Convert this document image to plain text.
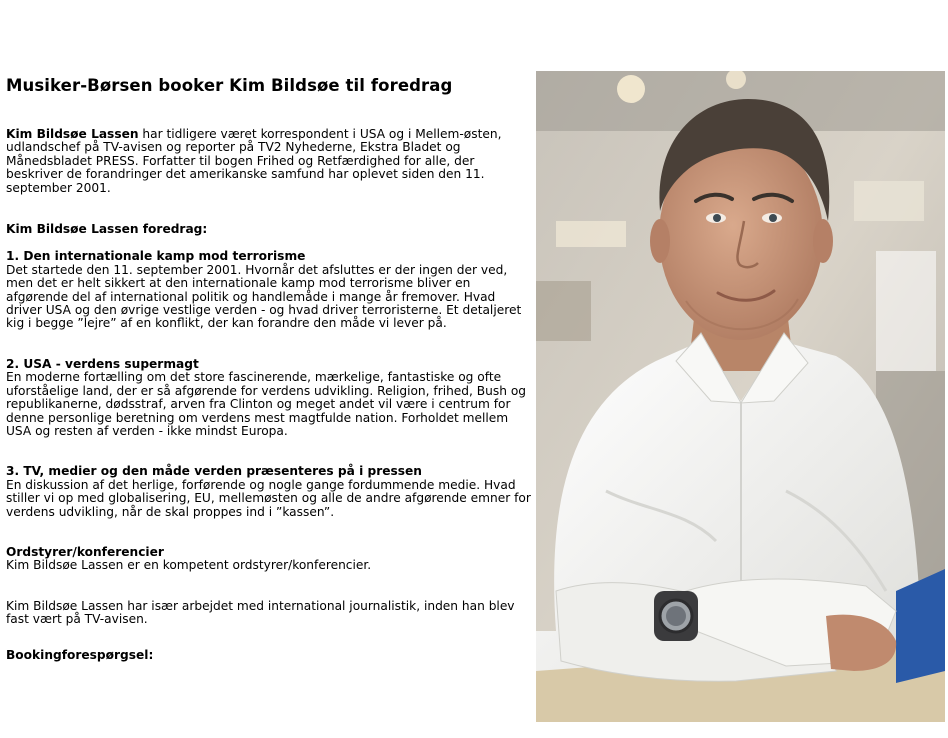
Musiker-Børsen booker Kim Bildsøe til foredrag

Kim Bildsøe Lassen har tidligere været korrespondent i USA og i Mellem-østen, udlandschef på TV-avisen og reporter på TV2 Nyhederne, Ekstra Bladet og Månedsbladet PRESS. Forfatter til bogen Frihed og Retfærdighed for alle, der beskriver de forandringer det amerikanske samfund har oplevet siden den 11. september 2001.

Kim Bildsøe Lassen foredrag:

1. Den internationale kamp mod terrorisme

Det startede den 11. september 2001. Hvornår det afsluttes er der ingen der ved, men det er helt sikkert at den internationale kamp mod terrorisme bliver en afgørende del af international politik og handlemåde i mange år fremover. Hvad driver USA og den øvrige vestlige verden - og hvad driver terroristerne. Et detaljeret kig i begge ”lejre” af en konflikt, der kan forandre den måde vi lever på.

2. USA - verdens supermagt

En moderne fortælling om det store fascinerende, mærkelige, fantastiske og ofte uforståelige land, der er så afgørende for verdens udvikling. Religion, frihed, Bush og republikanerne, dødsstraf, arven fra Clinton og meget andet vil være i centrum for denne personlige beretning om verdens mest magtfulde nation. Forholdet mellem USA og resten af verden - ikke mindst Europa.

3. TV, medier og den måde verden præsenteres på i pressen

En diskussion af det herlige, forførende og nogle gange fordummende medie. Hvad stiller vi op med globalisering, EU, mellemøsten og alle de andre afgørende emner for verdens udvikling, når de skal proppes ind i ”kassen”.

Ordstyrer/konferencier

Kim Bildsøe Lassen er en kompetent ordstyrer/konferencier.

Kim Bildsøe Lassen har især arbejdet med international journalistik, inden han blev fast vært på TV-avisen.

Bookingforespørgsel:
